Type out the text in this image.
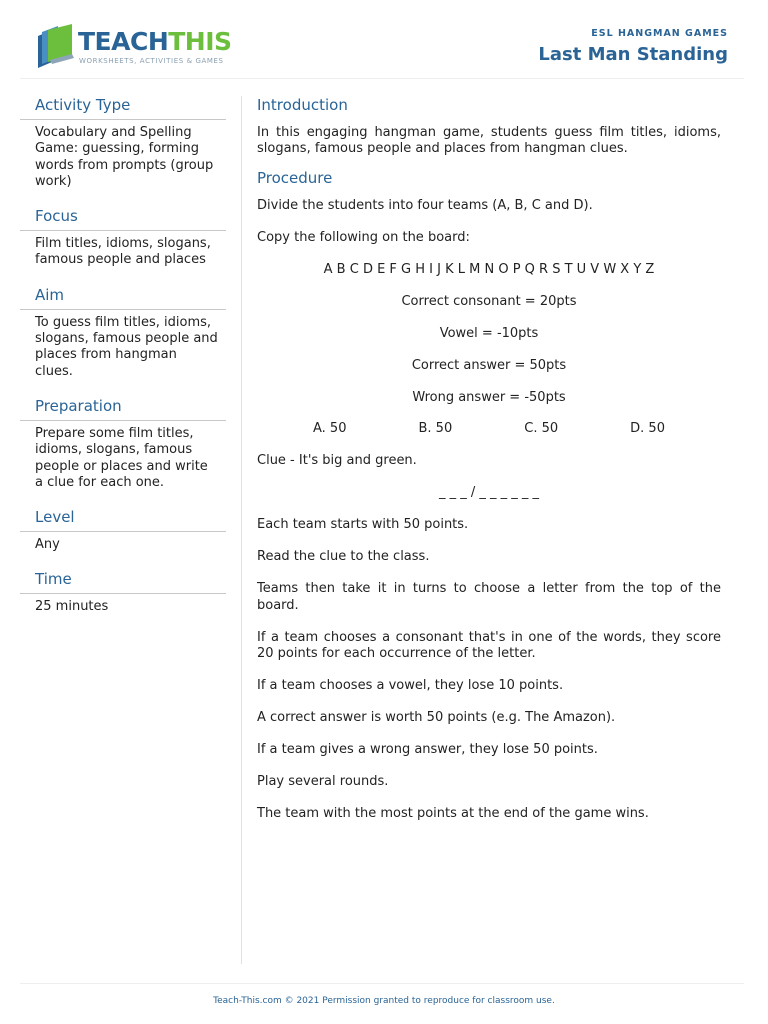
TEACHTHIS
WORKSHEETS, ACTIVITIES & GAMES
ESL HANGMAN GAMES
Last Man Standing
Activity Type
Vocabulary and Spelling Game: guessing, forming words from prompts (group work)
Focus
Film titles, idioms, slogans, famous people and places
Aim
To guess film titles, idioms, slogans, famous people and places from hangman clues.
Preparation
Prepare some film titles, idioms, slogans, famous people or places and write a clue for each one.
Level
Any
Time
25 minutes
Introduction
In this engaging hangman game, students guess film titles, idioms, slogans, famous people and places from hangman clues.
Procedure
Divide the students into four teams (A, B, C and D).
Copy the following on the board:
A B C D E F G H I J K L M N O P Q R S T U V W X Y Z
Correct consonant = 20pts
Vowel = -10pts
Correct answer = 50pts
Wrong answer = -50pts
A. 50	B. 50	C. 50	D. 50
Clue - It's big and green.
_ _ _ / _ _ _ _ _ _
Each team starts with 50 points.
Read the clue to the class.
Teams then take it in turns to choose a letter from the top of the board.
If a team chooses a consonant that's in one of the words, they score 20 points for each occurrence of the letter.
If a team chooses a vowel, they lose 10 points.
A correct answer is worth 50 points (e.g. The Amazon).
If a team gives a wrong answer, they lose 50 points.
Play several rounds.
The team with the most points at the end of the game wins.
Teach-This.com © 2021 Permission granted to reproduce for classroom use.
